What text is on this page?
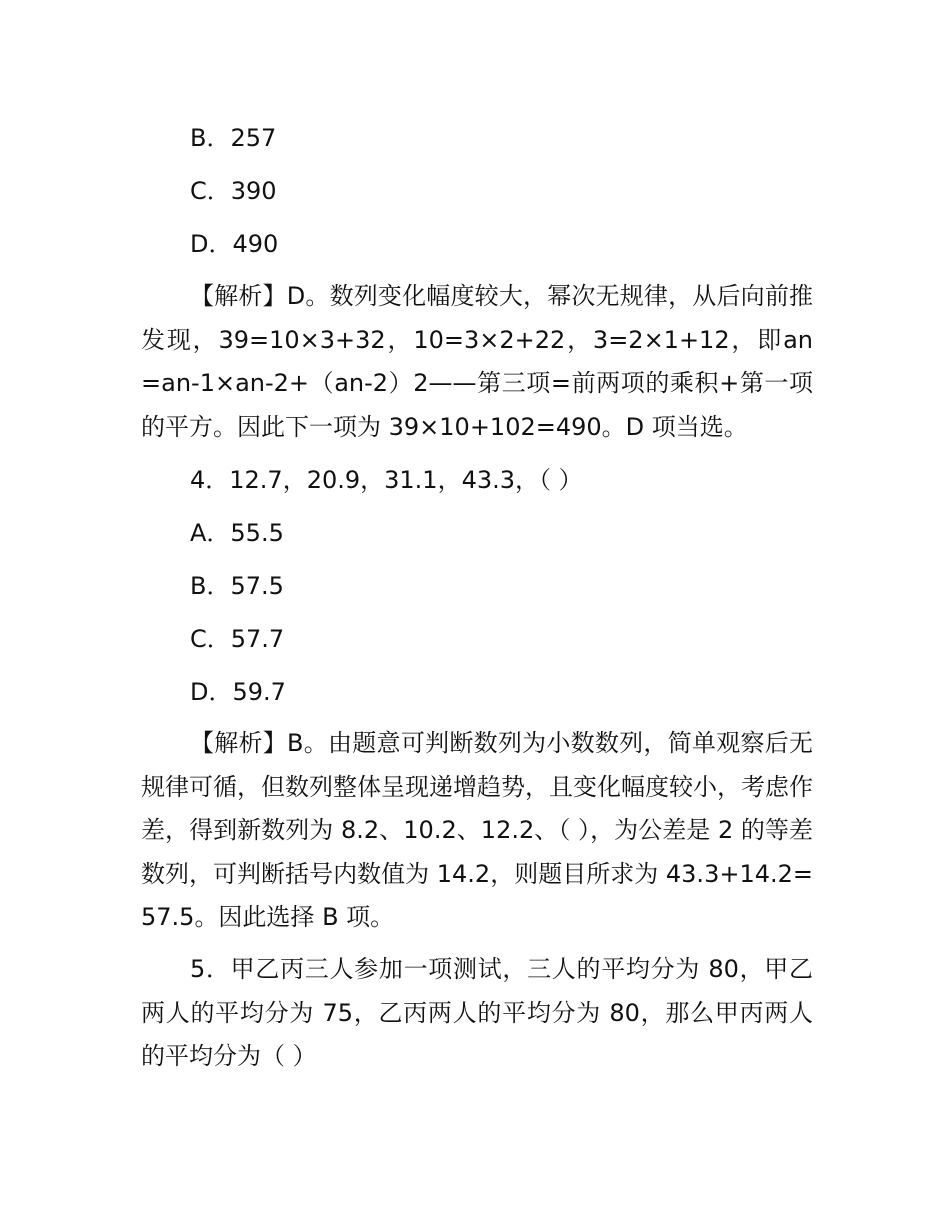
B．257
C．390
D．490
【解析】D。数列变化幅度较大，幂次无规律，从后向前推发现，39=10×3+32，10=3×2+22，3=2×1+12，即an=an-1×an-2+（an-2）2——第三项=前两项的乘积+第一项的平方。因此下一项为 39×10+102=490。D 项当选。
4．12.7，20.9，31.1，43.3，（ ）
A．55.5
B．57.5
C．57.7
D．59.7
【解析】B。由题意可判断数列为小数数列，简单观察后无规律可循，但数列整体呈现递增趋势，且变化幅度较小，考虑作差，得到新数列为 8.2、10.2、12.2、（ ），为公差是 2 的等差数列，可判断括号内数值为 14.2，则题目所求为 43.3+14.2=57.5。因此选择 B 项。
5．甲乙丙三人参加一项测试，三人的平均分为 80，甲乙两人的平均分为 75，乙丙两人的平均分为 80，那么甲丙两人的平均分为（ ）
